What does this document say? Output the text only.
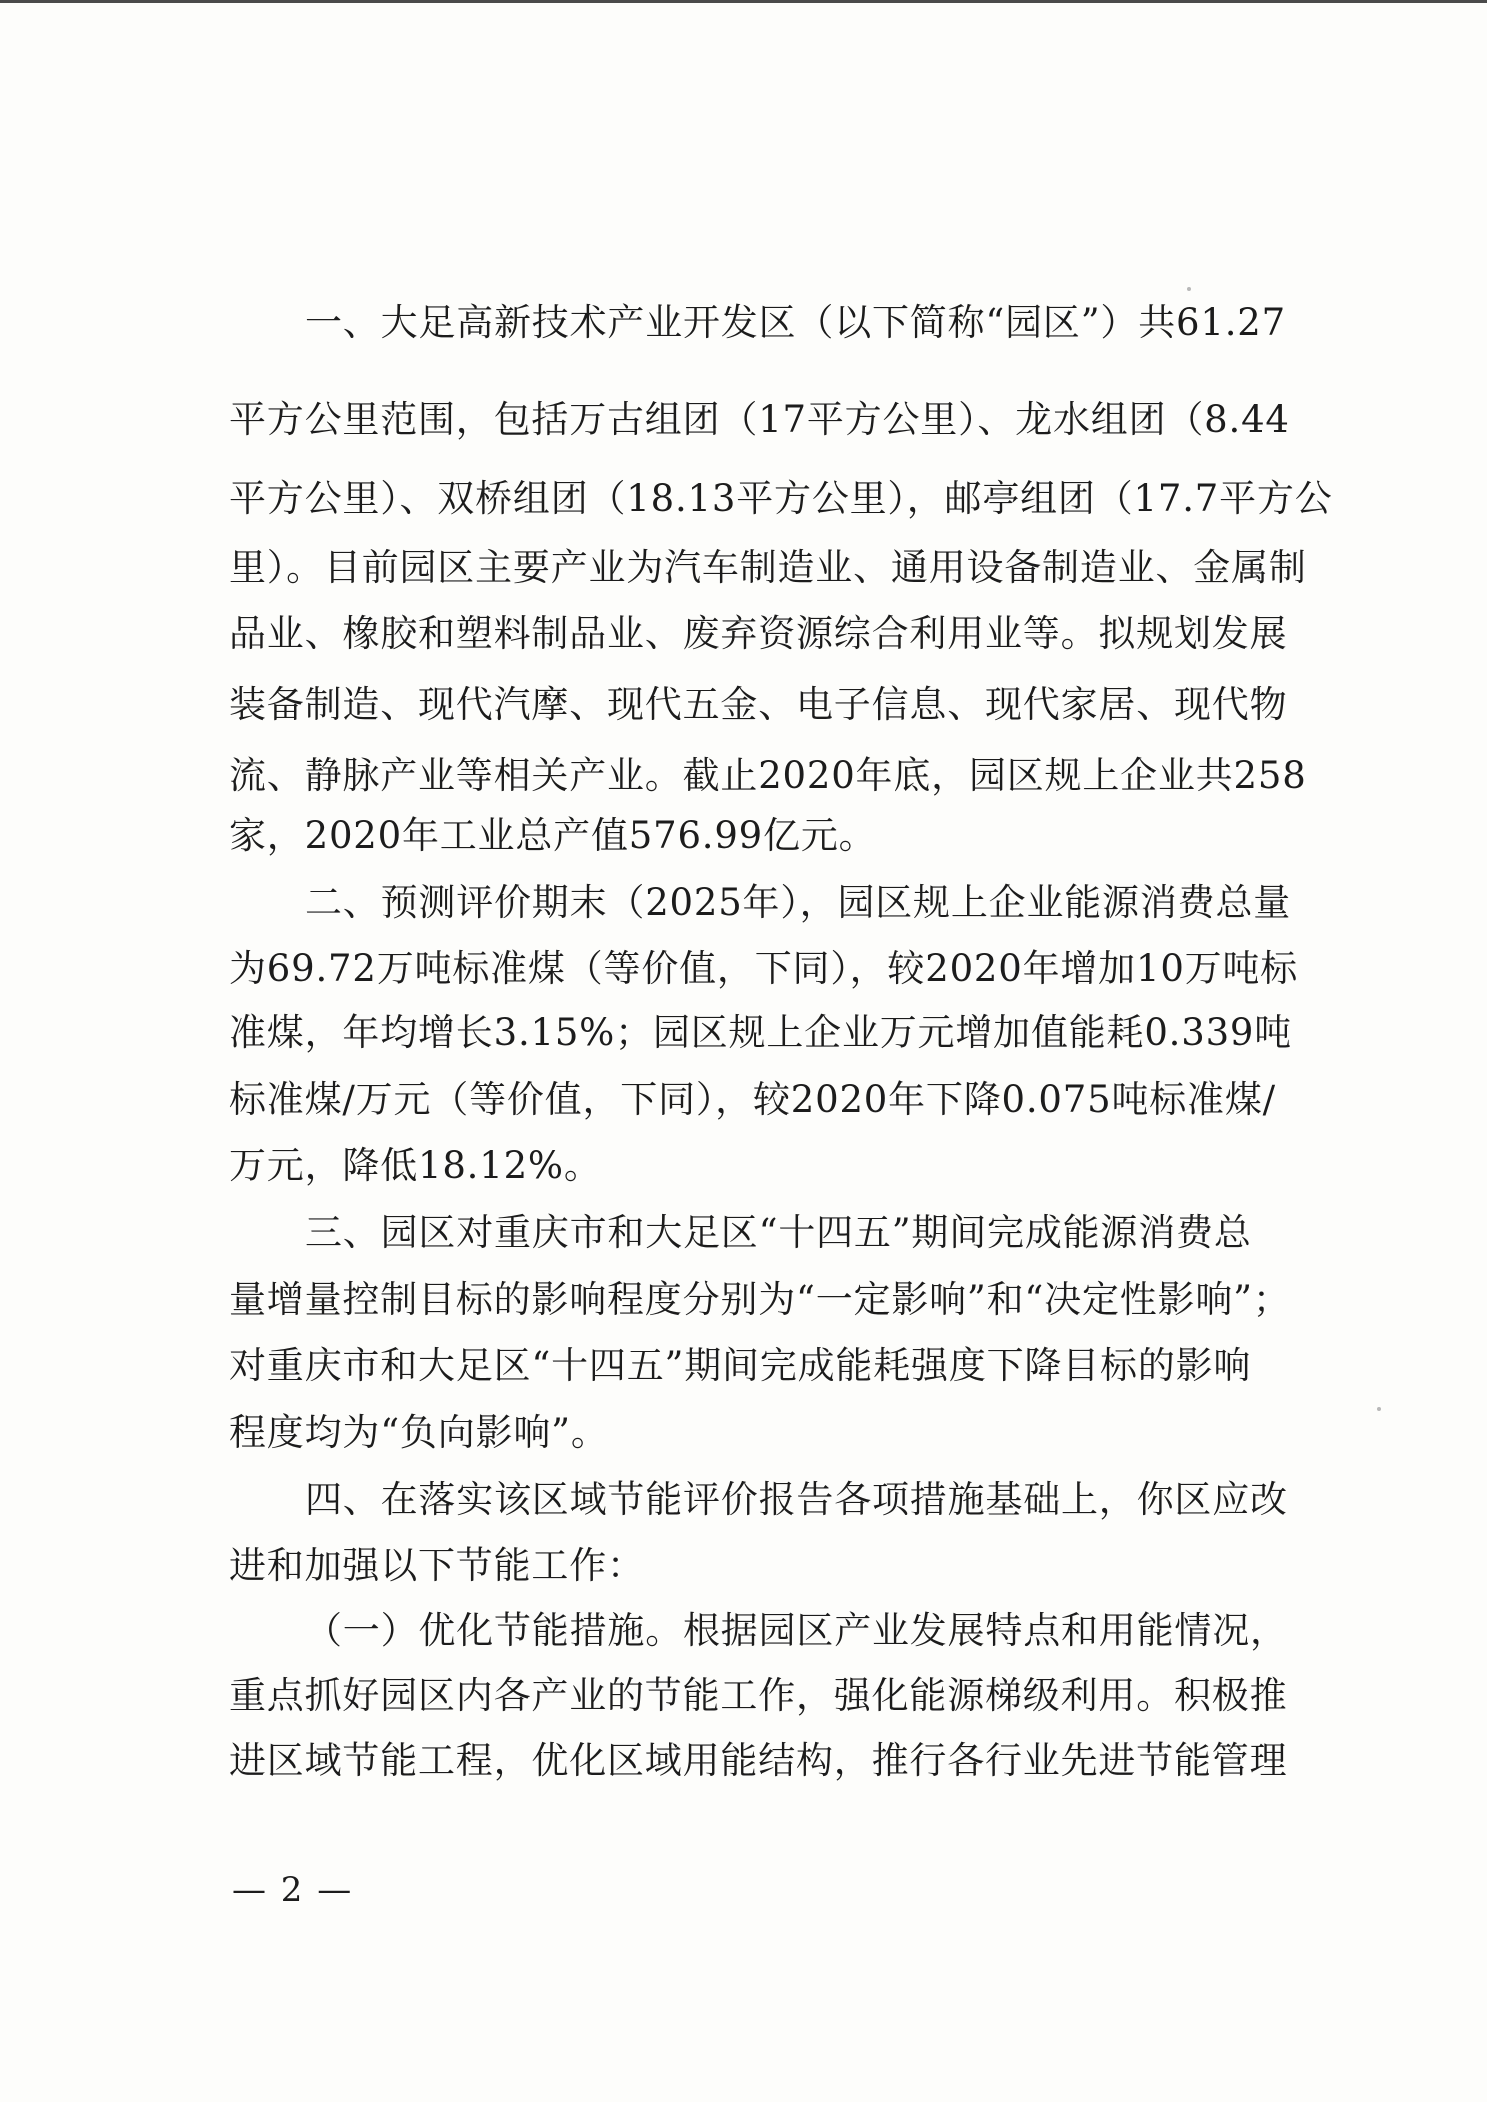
一、大足高新技术产业开发区（以下简称“园区”）共61.27
平方公里范围，包括万古组团（17平方公里）、龙水组团（8.44
平方公里）、双桥组团（18.13平方公里），邮亭组团（17.7平方公
里）。目前园区主要产业为汽车制造业、通用设备制造业、金属制
品业、橡胶和塑料制品业、废弃资源综合利用业等。拟规划发展
装备制造、现代汽摩、现代五金、电子信息、现代家居、现代物
流、静脉产业等相关产业。截止2020年底，园区规上企业共258
家，2020年工业总产值576.99亿元。
二、预测评价期末（2025年），园区规上企业能源消费总量
为69.72万吨标准煤（等价值，下同），较2020年增加10万吨标
准煤，年均增长3.15%；园区规上企业万元增加值能耗0.339吨
标准煤/万元（等价值，下同），较2020年下降0.075吨标准煤/
万元，降低18.12%。
三、园区对重庆市和大足区“十四五”期间完成能源消费总
量增量控制目标的影响程度分别为“一定影响”和“决定性影响”；
对重庆市和大足区“十四五”期间完成能耗强度下降目标的影响
程度均为“负向影响”。
四、在落实该区域节能评价报告各项措施基础上，你区应改
进和加强以下节能工作：
（一）优化节能措施。根据园区产业发展特点和用能情况，
重点抓好园区内各产业的节能工作，强化能源梯级利用。积极推
进区域节能工程，优化区域用能结构，推行各行业先进节能管理
— 2 —
